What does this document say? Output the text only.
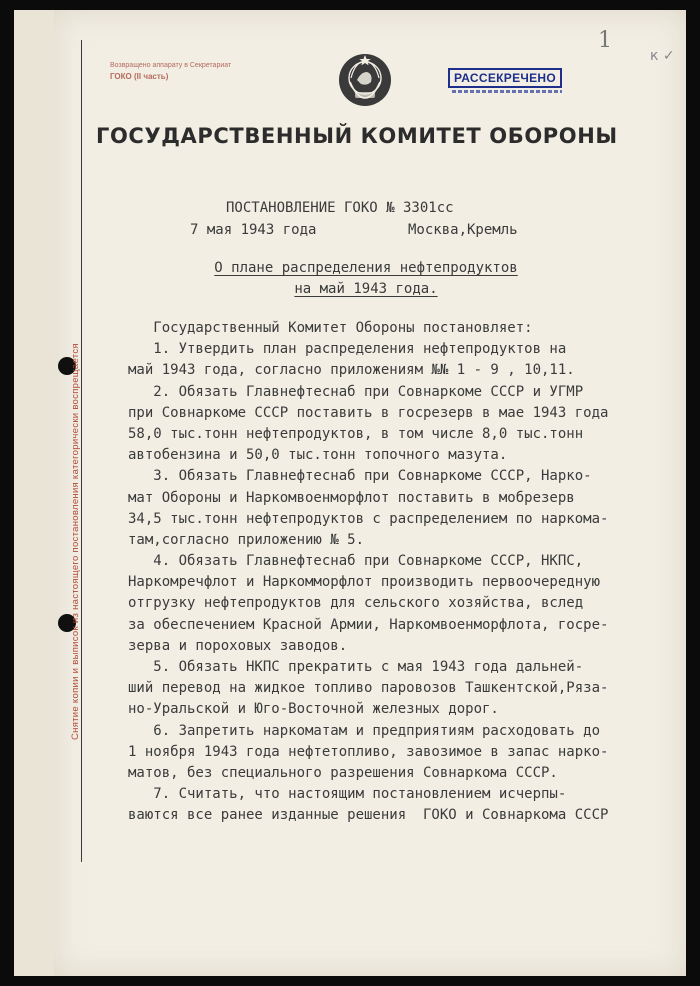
Снятие копии и выписок из настоящего постановления категорически воспрещается
Возвращено аппарату в Секретариат
ГОКО (II часть)	РАССЕКРЕЧЕНО
1
к ✓
ГОСУДАРСТВЕННЫЙ КОМИТЕТ ОБОРОНЫ
ПОСТАНОВЛЕНИЕ ГОКО № 3301сс
7 мая 1943 года	Москва,Кремль
О плане распределения нефтепродуктов
на май 1943 года.
Государственный Комитет Обороны постановляет:
1. Утвердить план распределения нефтепродуктов на
май 1943 года, согласно приложениям №№ 1 - 9 , 10,11.
2. Обязать Главнефтеснаб при Совнаркоме СССР и УГМР
при Совнаркоме СССР поставить в госрезерв в мае 1943 года
58,0 тыс.тонн нефтепродуктов, в том числе 8,0 тыс.тонн
автобензина и 50,0 тыс.тонн топочного мазута.
3. Обязать Главнефтеснаб при Совнаркоме СССР, Нарко-
мат Обороны и Наркомвоенморфлот поставить в мобрезерв
34,5 тыс.тонн нефтепродуктов с распределением по наркома-
там,согласно приложению № 5.
4. Обязать Главнефтеснаб при Совнаркоме СССР, НКПС,
Наркомречфлот и Наркомморфлот производить первоочередную
отгрузку нефтепродуктов для сельского хозяйства, вслед
за обеспечением Красной Армии, Наркомвоенморфлота, госре-
зерва и пороховых заводов.
5. Обязать НКПС прекратить с мая 1943 года дальней-
ший перевод на жидкое топливо паровозов Ташкентской,Ряза-
но-Уральской и Юго-Восточной железных дорог.
6. Запретить наркоматам и предприятиям расходовать до
1 ноября 1943 года нефтетопливо, завозимое в запас нарко-
матов, без специального разрешения Совнаркома СССР.
7. Считать, что настоящим постановлением исчерпы-
ваются все ранее изданные решения  ГОКО и Совнаркома СССР
